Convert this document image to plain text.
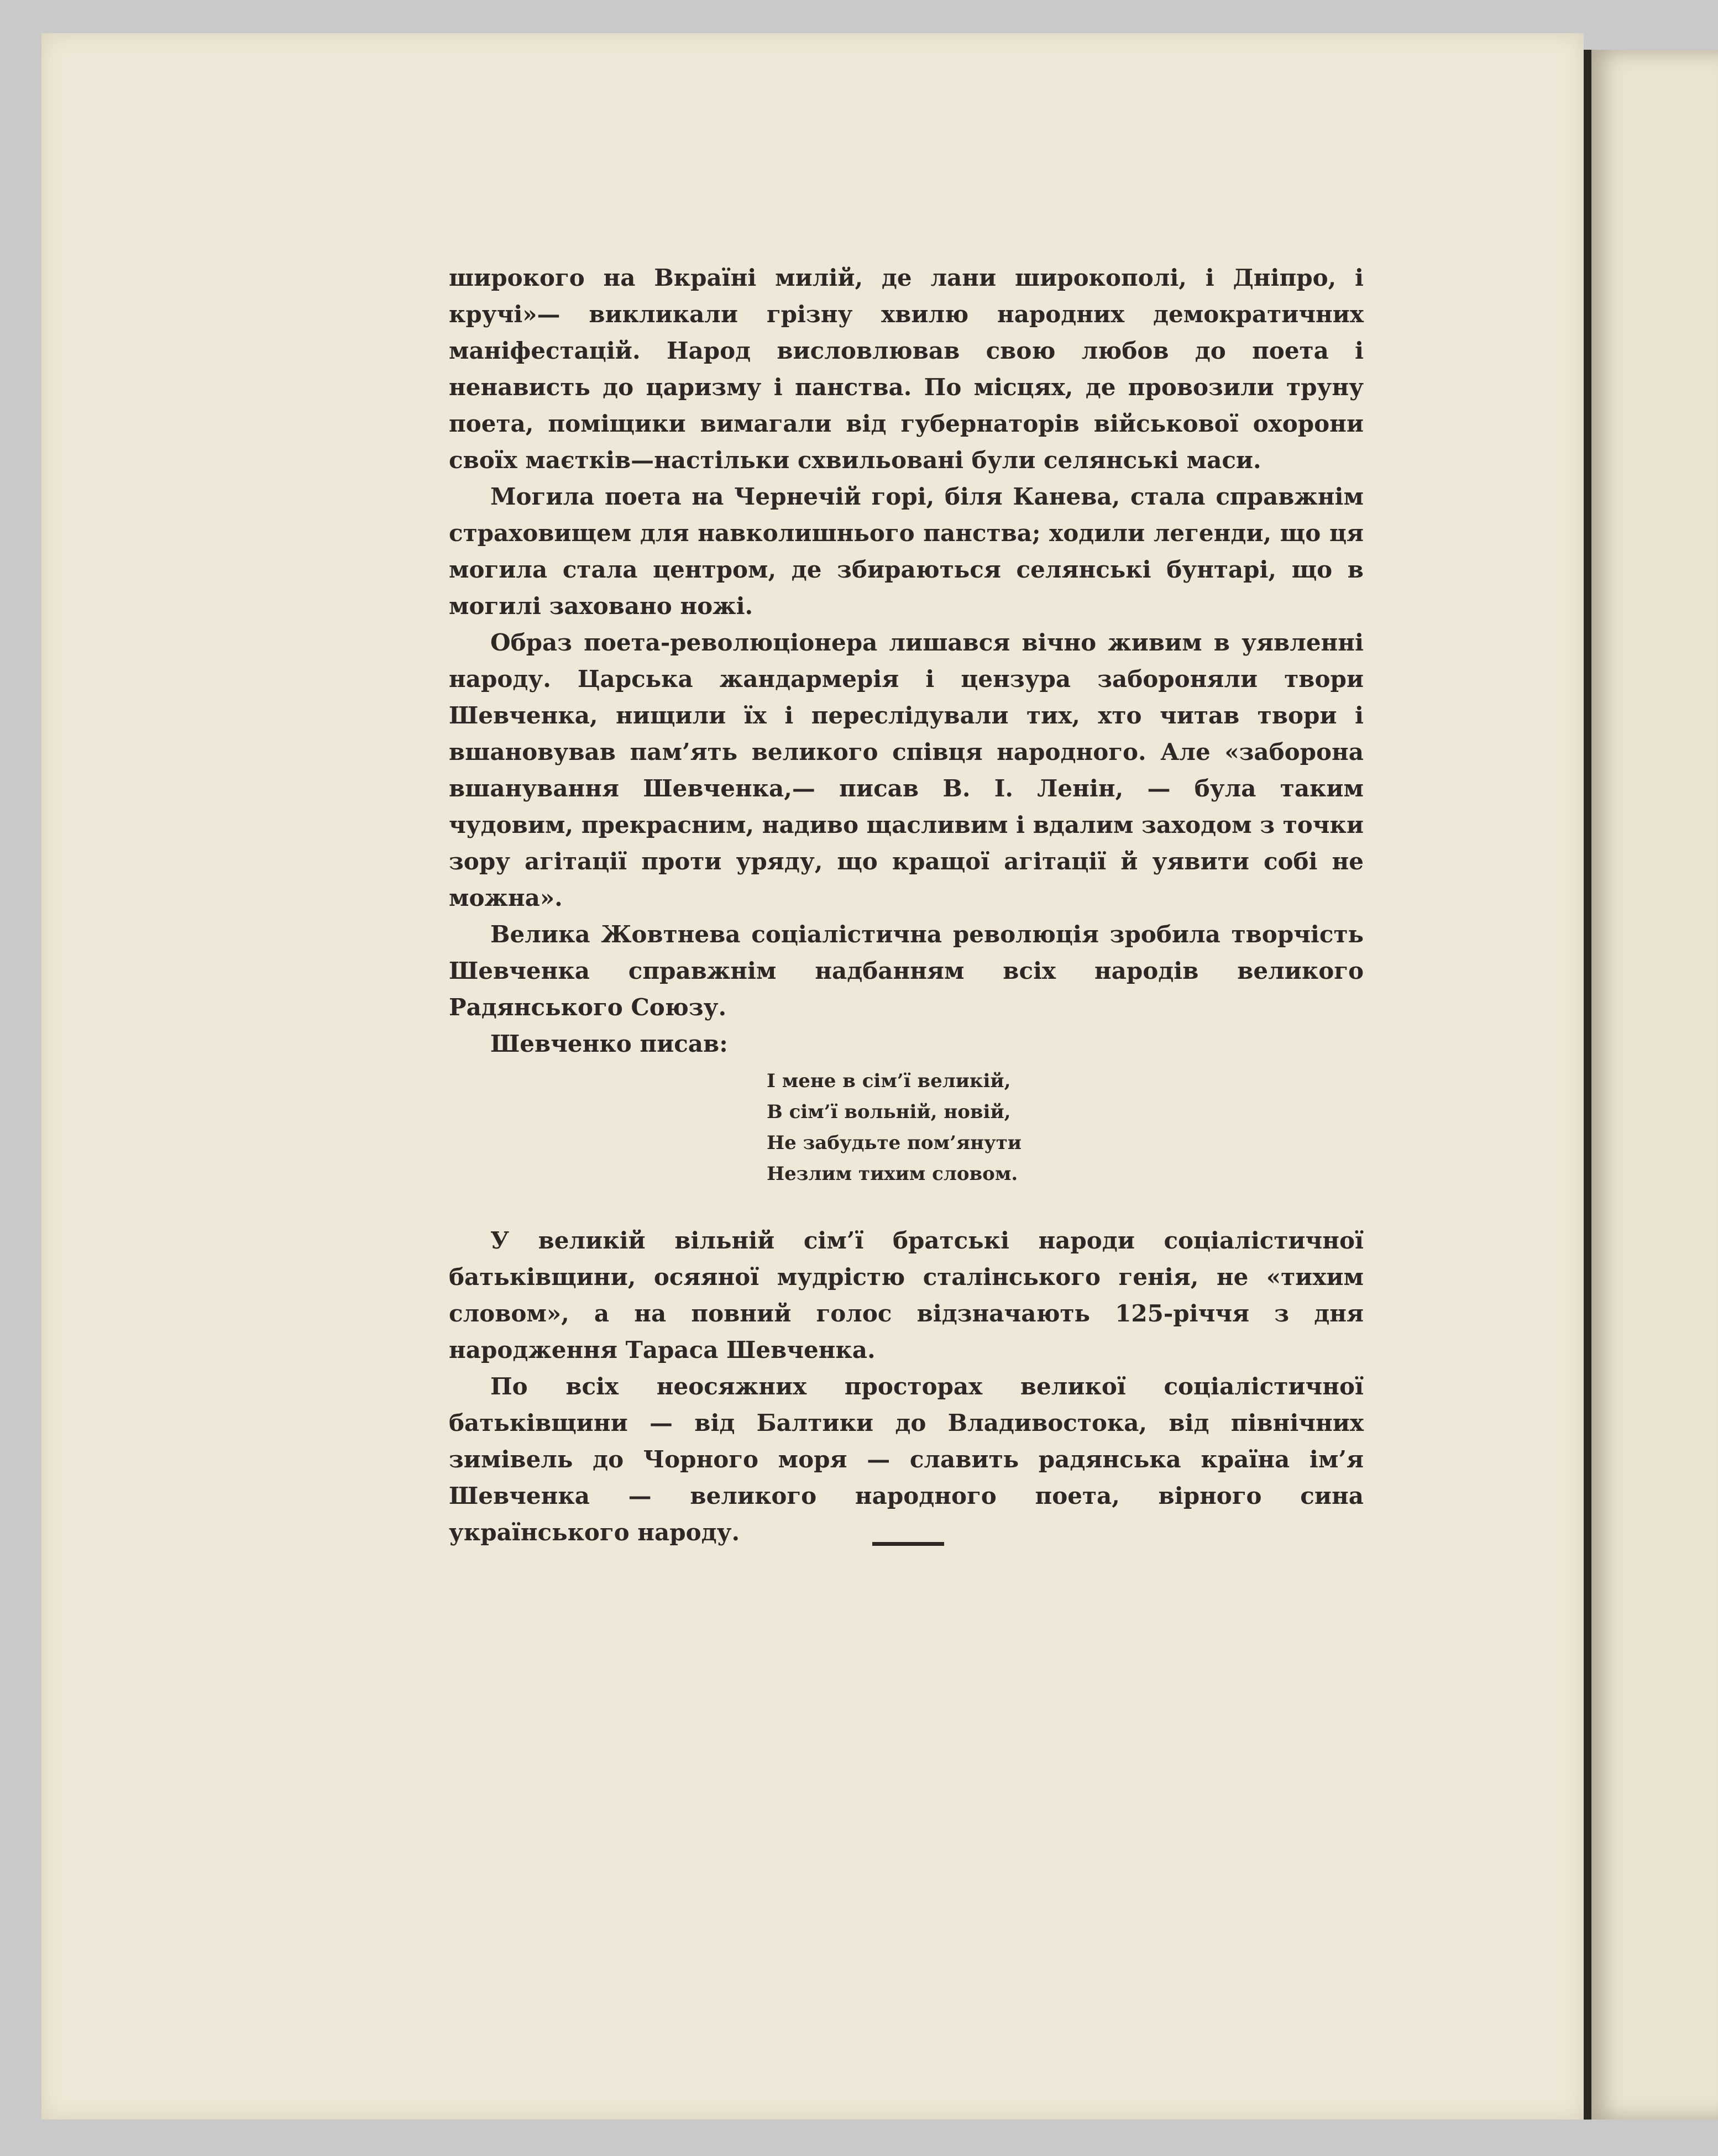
широкого на Вкраїні милій, де лани широкополі, і Дніпро, і кручі»— викликали грізну хвилю народних демократичних маніфестацій. Народ висловлював свою любов до поета і ненависть до царизму і панства. По місцях, де провозили труну поета, поміщики вимагали від губернаторів військової охорони своїх маєтків—настільки схвильовані були селянські маси.

Могила поета на Чернечій горі, біля Канева, стала справжнім страховищем для навколишнього панства; ходили легенди, що ця могила стала центром, де збираються селянські бунтарі, що в могилі заховано ножі.

Образ поета-революціонера лишався вічно живим в уявленні народу. Царська жандармерія і цензура забороняли твори Шевченка, нищили їх і переслідували тих, хто читав твори і вшановував пам’ять великого співця народного. Але «заборона вшанування Шевченка,— писав В. І. Ленін, — була таким чудовим, прекрасним, надиво щасливим і вдалим заходом з точки зору агітації проти уряду, що кращої агітації й уявити собі не можна».

Велика Жовтнева соціалістична революція зробила творчість Шевченка справжнім надбанням всіх народів великого Радянського Союзу.

Шевченко писав:

І мене в сім’ї великій,
В сім’ї вольній, новій,
Не забудьте пом’янути
Незлим тихим словом.

У великій вільній сім’ї братські народи соціалістичної батьківщини, осяяної мудрістю сталінського генія, не «тихим словом», а на повний голос відзначають 125-річчя з дня народження Тараса Шевченка.

По всіх неосяжних просторах великої соціалістичної батьківщини — від Балтики до Владивостока, від північних зимівель до Чорного моря — славить радянська країна ім’я Шевченка — великого народного поета, вірного сина українського народу.
